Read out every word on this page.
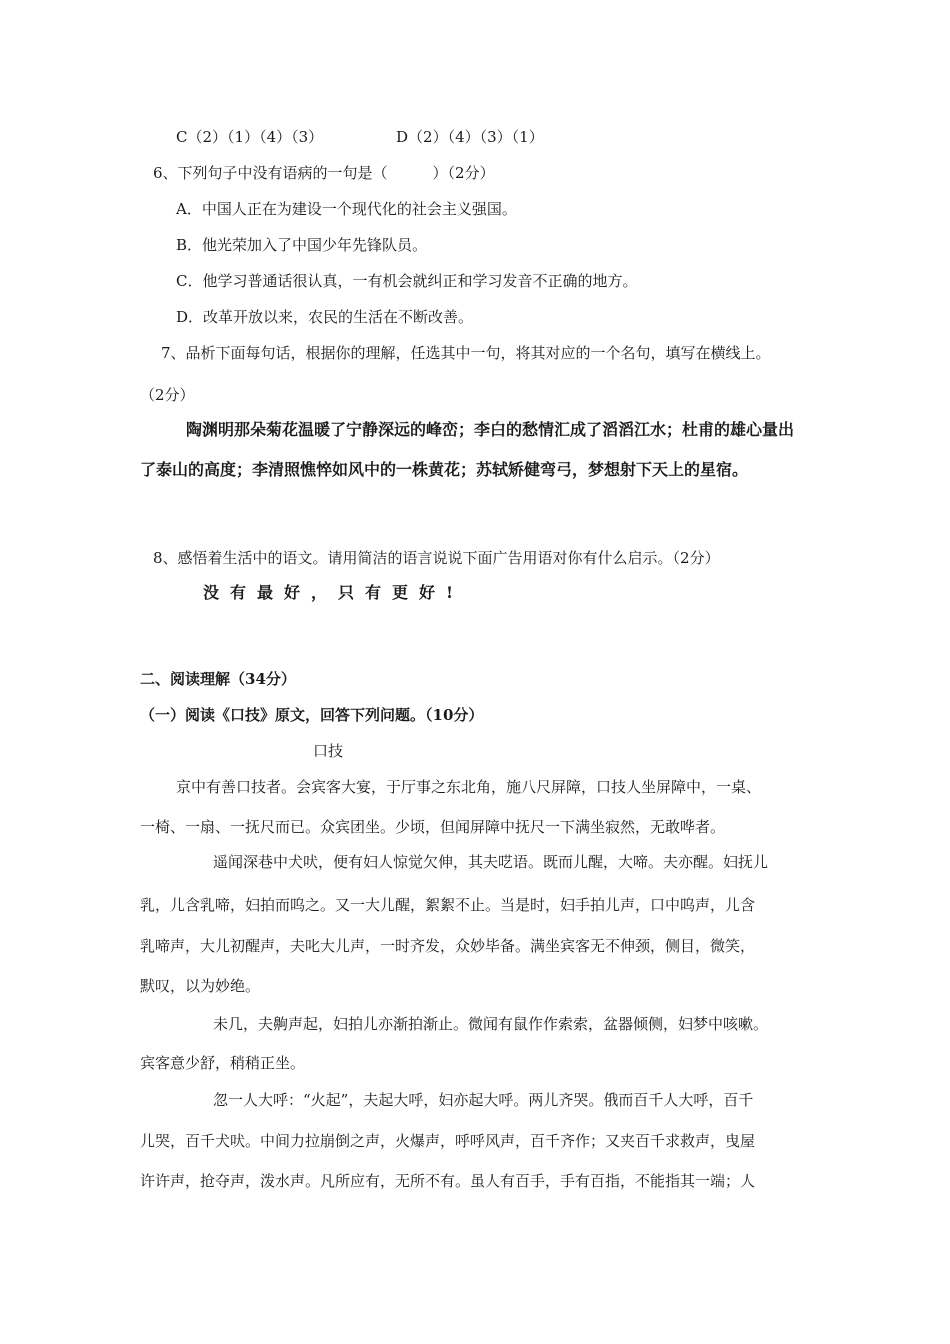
C（2）（1）（4）（3）	D（2）（4）（3）（1）
6、下列句子中没有语病的一句是（　　　）（2分）
A．中国人正在为建设一个现代化的社会主义强国。
B．他光荣加入了中国少年先锋队员。
C．他学习普通话很认真，一有机会就纠正和学习发音不正确的地方。
D．改革开放以来，农民的生活在不断改善。
7、品析下面每句话，根据你的理解，任选其中一句，将其对应的一个名句，填写在横线上。
（2分）
陶渊明那朵菊花温暖了宁静深远的峰峦；李白的愁情汇成了滔滔江水；杜甫的雄心量出
了泰山的高度；李清照憔悴如风中的一株黄花；苏轼矫健弯弓，梦想射下天上的星宿。
8、感悟着生活中的语文。请用简洁的语言说说下面广告用语对你有什么启示。（2分）
没有最好，只有更好!
二、阅读理解（34分）
（一）阅读《口技》原文，回答下列问题。（10分）
口技
京中有善口技者。会宾客大宴，于厅事之东北角，施八尺屏障，口技人坐屏障中，一桌、
一椅、一扇、一抚尺而已。众宾团坐。少顷，但闻屏障中抚尺一下满坐寂然，无敢哗者。
遥闻深巷中犬吠，便有妇人惊觉欠伸，其夫呓语。既而儿醒，大啼。夫亦醒。妇抚儿
乳，儿含乳啼，妇拍而呜之。又一大儿醒，絮絮不止。当是时，妇手拍儿声，口中呜声，儿含
乳啼声，大儿初醒声，夫叱大儿声，一时齐发，众妙毕备。满坐宾客无不伸颈，侧目，微笑，
默叹，以为妙绝。
未几，夫齁声起，妇拍儿亦渐拍渐止。微闻有鼠作作索索，盆器倾侧，妇梦中咳嗽。
宾客意少舒，稍稍正坐。
忽一人大呼：“火起”，夫起大呼，妇亦起大呼。两儿齐哭。俄而百千人大呼，百千
儿哭，百千犬吠。中间力拉崩倒之声，火爆声，呼呼风声，百千齐作；又夹百千求救声，曳屋
许许声，抢夺声，泼水声。凡所应有，无所不有。虽人有百手，手有百指，不能指其一端；人
